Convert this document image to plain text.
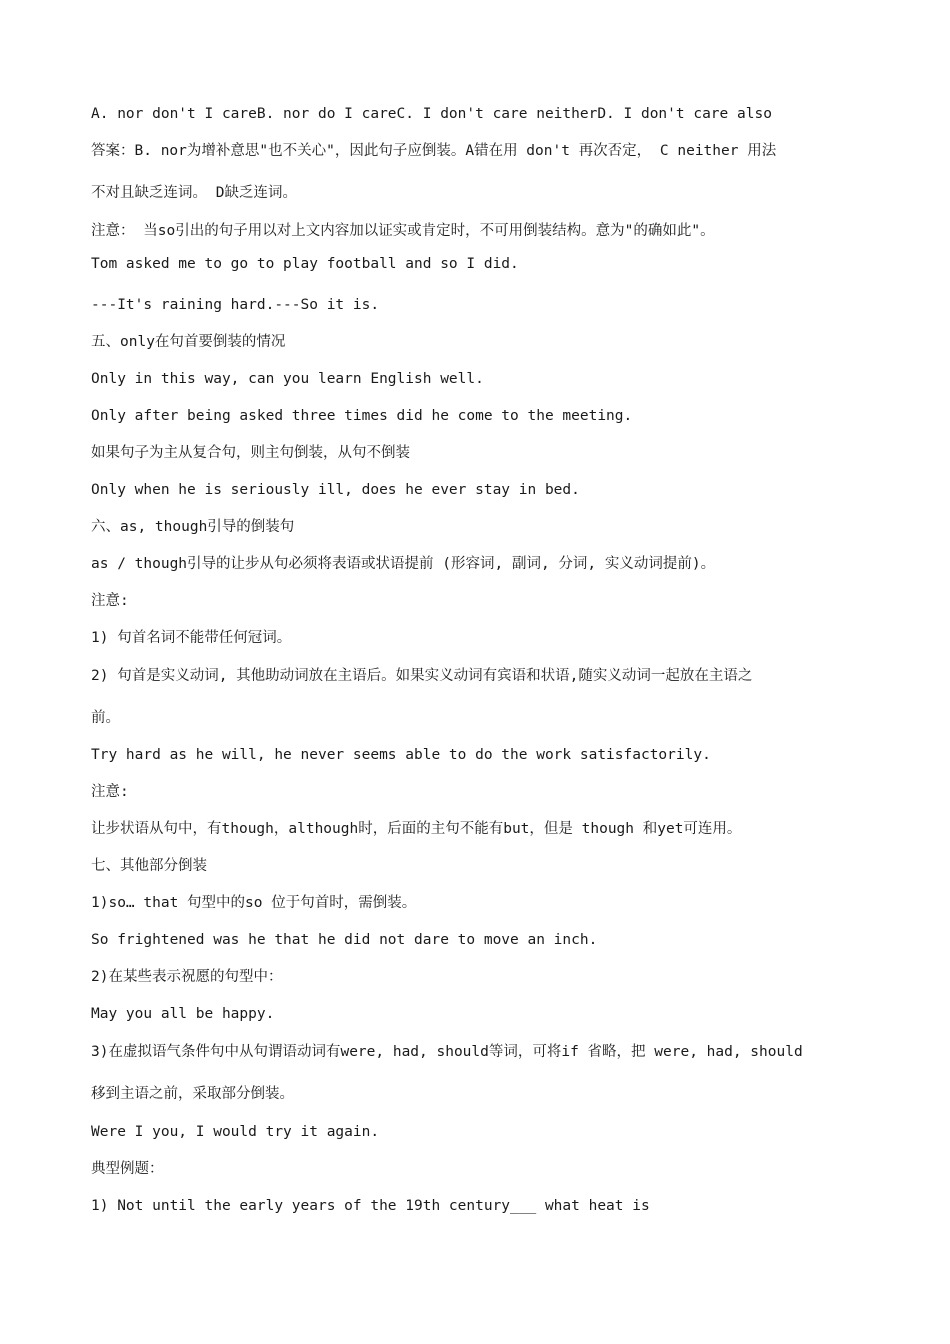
A. nor don't I careB. nor do I careC. I don't care neitherD. I don't care also
答案：B. nor为增补意思"也不关心"，因此句子应倒装。A错在用 don't 再次否定， C neither 用法
不对且缺乏连词。 D缺乏连词。
注意： 当so引出的句子用以对上文内容加以证实或肯定时，不可用倒装结构。意为"的确如此"。
Tom asked me to go to play football and so I did.
---It's raining hard.---So it is.
五、only在句首要倒装的情况
Only in this way, can you learn English well.
Only after being asked three times did he come to the meeting.
如果句子为主从复合句，则主句倒装，从句不倒装
Only when he is seriously ill, does he ever stay in bed.
六、as, though引导的倒装句
as / though引导的让步从句必须将表语或状语提前 (形容词, 副词, 分词, 实义动词提前)。
注意:
1) 句首名词不能带任何冠词。
2) 句首是实义动词, 其他助动词放在主语后。如果实义动词有宾语和状语,随实义动词一起放在主语之
前。
Try hard as he will, he never seems able to do the work satisfactorily.
注意:
让步状语从句中，有though，although时，后面的主句不能有but，但是 though 和yet可连用。
七、其他部分倒装
1)so… that 句型中的so 位于句首时，需倒装。
So frightened was he that he did not dare to move an inch.
2)在某些表示祝愿的句型中：
May you all be happy.
3)在虚拟语气条件句中从句谓语动词有were, had, should等词，可将if 省略，把 were, had, should
移到主语之前，采取部分倒装。
Were I you, I would try it again.
典型例题：
1) Not until the early years of the 19th century___ what heat is
